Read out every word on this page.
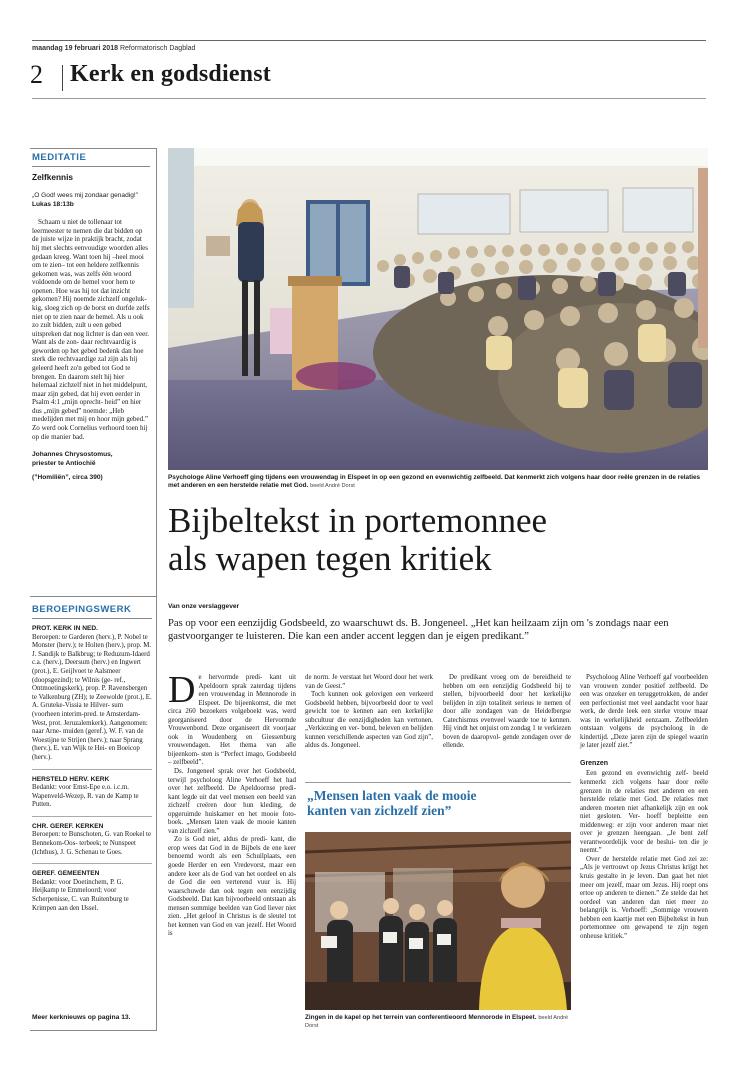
maandag 19 februari 2018 Reformatorisch Dagblad
2 Kerk en godsdienst
MEDITATIE
Zelfkennis
„O God! wees mij zondaar genadig!”
Lukas 18:13b
Schaam u niet de tollenaar tot leermeester te nemen die dat bidden op de juiste wijze in praktijk bracht, zodat hij met slechts eenvoudige woorden alles gedaan kreeg. Want toen hij –heel mooi om te zien– tot een heldere zelfkennis gekomen was, was zelfs één woord voldoende om de hemel voor hem te openen. Hoe was hij tot dat inzicht gekomen? Hij noemde zichzelf ongeluk- kig, sloeg zich op de borst en durfde zelfs niet op te zien naar de hemel. Als u ook zo zult bidden, zult u een gebed uitspreken dat nog lichter is dan een veer. Want als de zon- daar rechtvaardig is geworden op het gebed bedenk dan hoe sterk die rechtvaardige zal zijn als hij geleerd heeft zo'n gebed tot God te brengen. En daarom stelt hij hier helemaal zichzelf niet in het middelpunt, maar zijn gebed, dat hij even eerder in Psalm 4:1 „mijn oprecht- heid” en hier dus „mijn gebed” noemde: „Heb medelijden met mij en hoor mijn gebed.” Zo werd ook Cornelius verhoord toen hij op die manier bad.
Johannes Chrysostomus,
priester te Antiochië
(”Homiliën”, circa 390)
BEROEPINGSWERK
PROT. KERK IN NED.
Beroepen: te Garderen (herv.), P. Nobel te Monster (herv.); te Holten (herv.), prop. M. J. Sandijk te Balkbrug; te Reduzum-Idaerd c.a. (herv.), Deersum (herv.) en Ingwert (prot.), E. Geijlvoet te Aalsmeer (doopsgezind); te Wilnis (ge- ref., Ontmoetingskerk), prop. P. Ravensbergen te Valkenburg (ZH); te Zeewolde (prot.), E. A. Gruteke-Vissia te Hilver- sum (voorheen interim-pred. te Amsterdam-West, prot. Jeruzalemkerk). Aangenomen: naar Arne- muiden (geref.), W. F. van de Woestijne te Strijen (herv.); naar Sprang (herv.), E. van Wijk te Hei- en Boeicop (herv.).
HERSTELD HERV. KERK
Bedankt: voor Emst-Epe e.o. i.c.m. Wapenveld-Wezep, R. van de Kamp te Putten.
CHR. GEREF. KERKEN
Beroepen: te Bunschoten, G. van Roekel te Bennekom-Oos- terbeek; te Nunspeet (Ichthus), J. G. Schenau te Goes.
GEREF. GEMEENTEN
Bedankt: voor Doetinchem, P. G. Heijkamp te Emmeloord; voor Scherpenisse, C. van Ruitenburg te Krimpen aan den IJssel.
Meer kerknieuws op pagina 13.
Psychologe Aline Verhoeff ging tijdens een vrouwendag in Elspeet in op een gezond en evenwichtig zelfbeeld. Dat kenmerkt zich volgens haar door reële grenzen in de relaties met anderen en een herstelde relatie met God. beeld André Dorst
Bijbeltekst in portemonnee
als wapen tegen kritiek
Van onze verslaggever
Pas op voor een eenzijdig Godsbeeld, zo waarschuwt ds. B. Jongeneel. „Het kan heilzaam zijn om 's zondags naar een gastvoorganger te luisteren. Die kan een ander accent leggen dan je eigen predikant.”
D e hervormde predi- kant uit Apeldoorn sprak zaterdag tijdens een vrouwendag in Mennorode in Elspeet. De bijeenkomst, die met circa 260 bezoekers volgeboekt was, werd georganiseerd door de Hervormde Vrouwenbond. Deze organiseert dit voorjaar ook in Woudenberg en Giessenburg vrouwendagen. Het thema van alle bijeenkom- sten is “Perfect imago, Godsbeeld – zelfbeeld”.

Ds. Jongeneel sprak over het Godsbeeld, terwijl psycholoog Aline Verhoeff het had over het zelfbeeld. De Apeldoornse predi- kant legde uit dat veel mensen een beeld van zichzelf creëren door hun kleding, de opgeruimde huiskamer en het mooie foto- boek. „Mensen laten vaak de mooie kanten van zichzelf zien.”

Zo is God niet, aldus de predi- kant, die erop wees dat God in de Bijbels de ene keer benoemd wordt als een Schuilplaats, een goede Herder en een Vredevorst, maar een andere keer als de God van het oordeel en als de God die een verterend vuur is. Hij waarschuwde dan ook tegen een eenzijdig Godsbeeld. Dat kan bijvoorbeeld ontstaan als mensen sommige beelden van God liever niet zien. „Het geloof in Christus is de sleutel tot het kennen van God en van jezelf. Het Woord is

de norm. Je verstaat het Woord door het werk van de Geest.”

Toch kunnen ook gelovigen een verkeerd Godsbeeld hebben, bijvoorbeeld door te veel gewicht toe te kennen aan een kerkelijke subcultuur die eenzijdigheden kan vertonen. „Verkiezing en ver- bond, beleven en belijden kunnen verschillende aspecten van God zijn”, aldus ds. Jongeneel.

De predikant vroeg om de bereidheid te hebben om een eenzijdig Godsbeeld bij te stellen, bijvoorbeeld door het kerkelijke belijden in zijn totaliteit serieus te nemen of door alle zondagen van de Heidelbergse Catechismus evenveel waarde toe te kennen. Hij vindt het onjuist om zondag 1 te verkiezen boven de daaropvol- gende zondagen over de ellende.

„Mensen laten vaak de mooie
kanten van zichzelf zien”
Zingen in de kapel op het terrein van conferentieoord Mennorode in Elspeet. beeld André Dorst

Psycholoog Aline Verhoeff gaf voorbeelden van vrouwen zonder positief zelfbeeld. De een was onzeker en teruggetrokken, de ander een perfectionist met veel aandacht voor haar werk, de derde leek een sterke vrouw maar was in werkelijkheid eenzaam. Zelfbeelden ontstaan volgens de psycholoog in de kindertijd. „Deze jaren zijn de spiegel waarin je later jezelf ziet.”

Grenzen

Een gezond en evenwichtig zelf- beeld kenmerkt zich volgens haar door reële grenzen in de relaties met anderen en een herstelde relatie met God. De relaties met anderen moeten niet afhankelijk zijn en ook niet gesloten. Ver- hoeff bepleitte een middenweg: er zijn voor anderen maar niet over je grenzen heengaan. „Je bent zelf verantwoordelijk voor de beslui- ten die je neemt.”

Over de herstelde relatie met God zei ze: „Als je vertrouwt op Jezus Christus krijgt het kruis gestalte in je leven. Dan gaat het niet meer om jezelf, maar om Jezus. Hij roept ons ertoe op anderen te dienen.” Ze stelde dat het oordeel van anderen dan niet meer zo belangrijk is. Verhoeff: „Sommige vrouwen hebben een kaartje met een Bijbeltekst in hun portemonnee om gewapend te zijn tegen onheuse kritiek.”
